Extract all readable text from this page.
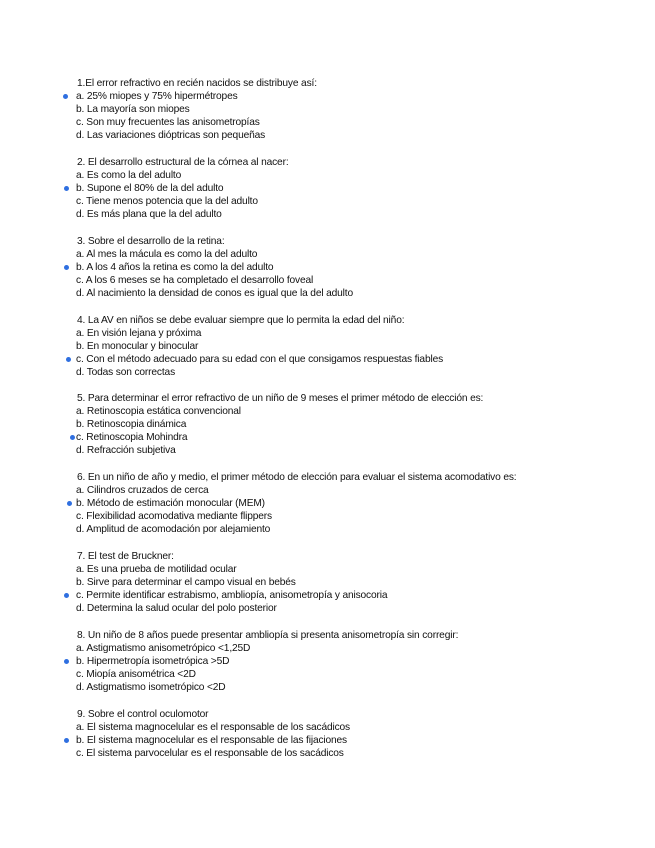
1.El error refractivo en recién nacidos se distribuye así:
a. 25% miopes y 75% hipermétropes
b. La mayoría son miopes
c. Son muy frecuentes las anisometropías
d. Las variaciones dióptricas son pequeñas
2. El desarrollo estructural de la córnea al nacer:
a. Es como la del adulto
b. Supone el 80% de la del adulto
c. Tiene menos potencia que la del adulto
d. Es más plana que la del adulto
3. Sobre el desarrollo de la retina:
a. Al mes la mácula es como la del adulto
b. A los 4 años la retina es como la del adulto
c. A los 6 meses se ha completado el desarrollo foveal
d. Al nacimiento la densidad de conos es igual que la del adulto
4. La AV en niños se debe evaluar siempre que lo permita la edad del niño:
a. En visión lejana y próxima
b. En monocular y binocular
c. Con el método adecuado para su edad con el que consigamos respuestas fiables
d. Todas son correctas
5. Para determinar el error refractivo de un niño de 9 meses el primer método de elección es:
a. Retinoscopia estática convencional
b. Retinoscopia dinámica
c. Retinoscopia Mohindra
d. Refracción subjetiva
6. En un niño de año y medio, el primer método de elección para evaluar el sistema acomodativo es:
a. Cilindros cruzados de cerca
b. Método de estimación monocular (MEM)
c. Flexibilidad acomodativa mediante flippers
d. Amplitud de acomodación por alejamiento
7. El test de Bruckner:
a. Es una prueba de motilidad ocular
b. Sirve para determinar el campo visual en bebés
c. Permite identificar estrabismo, ambliopía, anisometropía y anisocoria
d. Determina la salud ocular del polo posterior
8. Un niño de 8 años puede presentar ambliopía si presenta anisometropía sin corregir:
a. Astigmatismo anisometrópico <1,25D
b. Hipermetropía isometrópica >5D
c. Miopía anisométrica <2D
d. Astigmatismo isometrópico <2D
9. Sobre el control oculomotor
a. El sistema magnocelular es el responsable de los sacádicos
b. El sistema magnocelular es el responsable de las fijaciones
c. El sistema parvocelular es el responsable de los sacádicos
